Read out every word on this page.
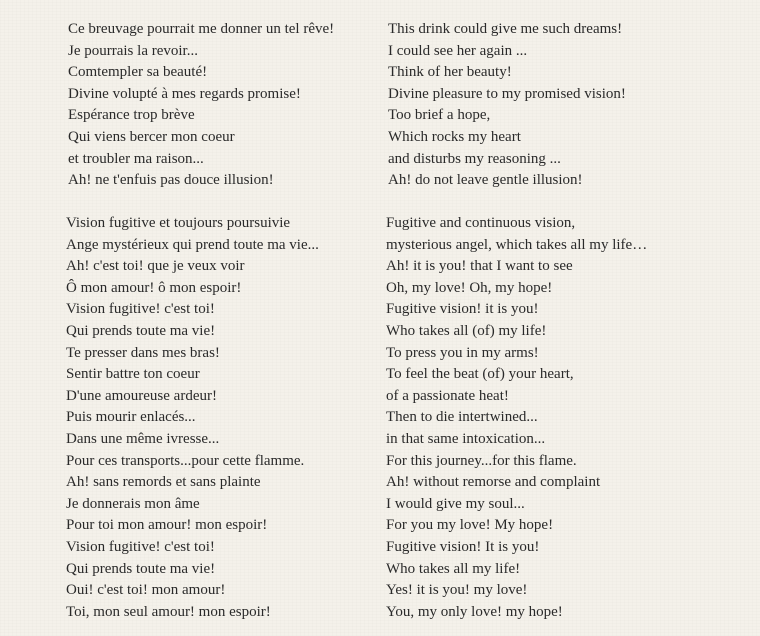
Ce breuvage pourrait me donner un tel rêve!
Je pourrais la revoir...
Comtempler sa beauté!
Divine volupté à mes regards promise!
Espérance trop brève
Qui viens bercer mon coeur
et troubler ma raison...
Ah! ne t'enfuis pas douce illusion!
This drink could give me such dreams!
I could see her again ...
Think of her beauty!
Divine pleasure to my promised vision!
Too brief a hope,
Which rocks my heart
and disturbs my reasoning ...
Ah! do not leave gentle illusion!
Vision fugitive et toujours poursuivie
Ange mystérieux qui prend toute ma vie...
Ah! c'est toi! que je veux voir
Ô mon amour! ô mon espoir!
Vision fugitive! c'est toi!
Qui prends toute ma vie!
Te presser dans mes bras!
Sentir battre ton coeur
D'une amoureuse ardeur!
Puis mourir enlacés...
Dans une même ivresse...
Pour ces transports...pour cette flamme.
Ah! sans remords et sans plainte
Je donnerais mon âme
Pour toi mon amour! mon espoir!
Vision fugitive! c'est toi!
Qui prends toute ma vie!
Oui! c'est toi! mon amour!
Toi, mon seul amour! mon espoir!
Fugitive and continuous vision,
mysterious angel, which takes all my life…
Ah! it is you! that I want to see
Oh, my love! Oh, my hope!
Fugitive vision! it is you!
Who takes all (of) my life!
To press you in my arms!
To feel the beat (of) your heart,
of a passionate heat!
Then to die intertwined...
in that same intoxication...
For this journey...for this flame.
Ah! without remorse and complaint
I would give my soul...
For you my love! My hope!
Fugitive vision! It is you!
Who takes all my life!
Yes! it is you! my love!
You, my only love! my hope!
